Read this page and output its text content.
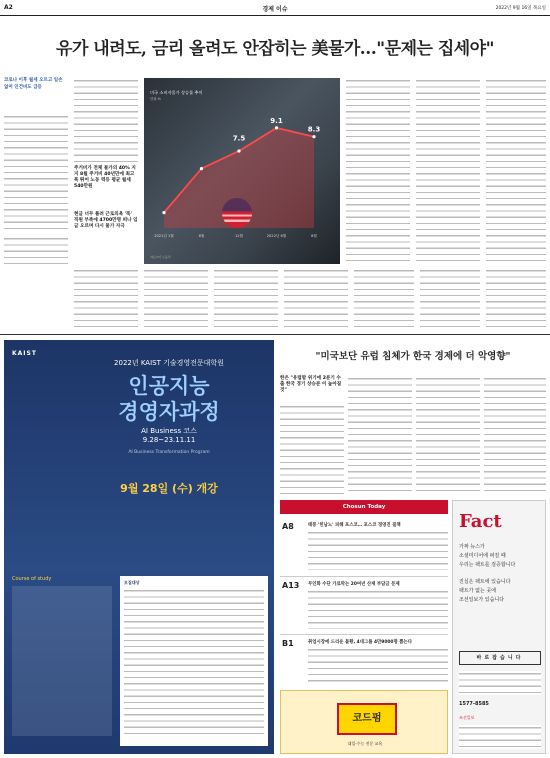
A2	경제 이슈	2022년 9월 16일 목요일
유가 내려도, 금리 올려도 안잡히는 美물가…"문제는 집세야"
코로나 이후 월세 오르고 일손 없어 인건비도 급등
주거비가 전체 물가의 40% 지지 8월 주거비 40년만에 최고폭 뛰어 노동 력등 평균 월세 540만원
현금 너무 풀려 근로의욕 '뚝' 직원 부족에 4700만명 떠나 임금 오르며 다시 물가 자극
미국 소비자물가 상승률 추이
단위:%
2021년 1월	6월	12월	2022년 6월	8월
7.5
9.1
8.3
자료=미 노동부
KAIST
2022년 KAIST 기술경영전문대학원
인공지능
경영자과정
AI Business 코스
9.28~23.11.11
AI Business Transformation Program
9월 28일 (수) 개강
Course of study
모집대상
"미국보단 유럽 침체가 한국 경제에 더 악영향"
한은 "유럽발 위기에 2분기 수출 한국 경기 상승분 이 높아질 것"
Chosun Today
A8	태풍 '힌남노' 피해 포스코… 포스코 경영진 질책
A13 무인화 수단 가로막는 20여년 산재 부담금 문제
B1	취업시장에 드리운 불황, 4대그룹 4만9000명 뽑는다
코드펌
대입·수능 전문 교육
Fact
가짜 뉴스가
소셜미디어에 퍼질 때
우리는 팩트를 검증합니다
진실은 팩트에 있습니다
팩트가 없는 곳에
조선일보가 있습니다
바로잡습니다
1577-8585
조선일보
